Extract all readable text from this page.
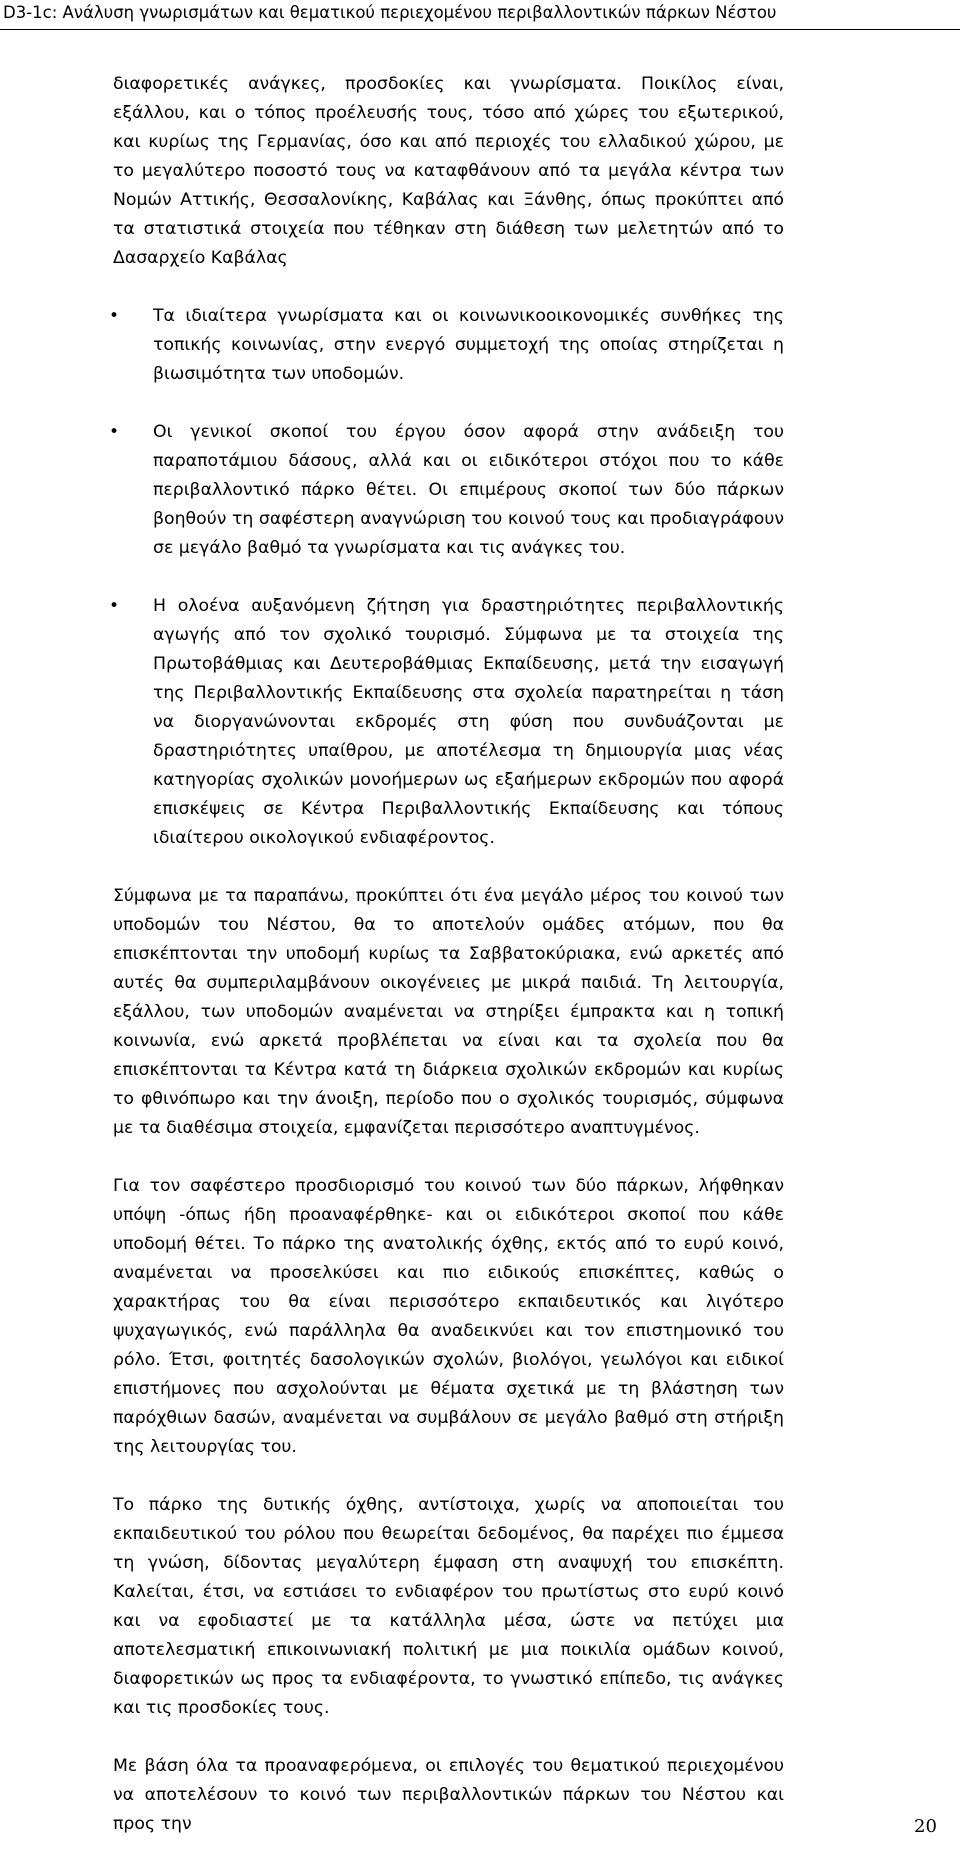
D3-1c: Ανάλυση γνωρισμάτων και θεματικού περιεχομένου περιβαλλοντικών πάρκων Νέστου
διαφορετικές ανάγκες, προσδοκίες και γνωρίσματα. Ποικίλος είναι, εξάλλου, και ο τόπος προέλευσής τους, τόσο από χώρες του εξωτερικού, και κυρίως της Γερμανίας, όσο και από περιοχές του ελλαδικού χώρου, με το μεγαλύτερο ποσοστό τους να καταφθάνουν από τα μεγάλα κέντρα των Νομών Αττικής, Θεσσαλονίκης, Καβάλας και Ξάνθης, όπως προκύπτει από τα στατιστικά στοιχεία που τέθηκαν στη διάθεση των μελετητών από το Δασαρχείο Καβάλας
• Τα ιδιαίτερα γνωρίσματα και οι κοινωνικοοικονομικές συνθήκες της τοπικής κοινωνίας, στην ενεργό συμμετοχή της οποίας στηρίζεται η βιωσιμότητα των υποδομών.
• Οι γενικοί σκοποί του έργου όσον αφορά στην ανάδειξη του παραποτάμιου δάσους, αλλά και οι ειδικότεροι στόχοι που το κάθε περιβαλλοντικό πάρκο θέτει. Οι επιμέρους σκοποί των δύο πάρκων βοηθούν τη σαφέστερη αναγνώριση του κοινού τους και προδιαγράφουν σε μεγάλο βαθμό τα γνωρίσματα και τις ανάγκες του.
• Η ολοένα αυξανόμενη ζήτηση για δραστηριότητες περιβαλλοντικής αγωγής από τον σχολικό τουρισμό. Σύμφωνα με τα στοιχεία της Πρωτοβάθμιας και Δευτεροβάθμιας Εκπαίδευσης, μετά την εισαγωγή της Περιβαλλοντικής Εκπαίδευσης στα σχολεία παρατηρείται η τάση να διοργανώνονται εκδρομές στη φύση που συνδυάζονται με δραστηριότητες υπαίθρου, με αποτέλεσμα τη δημιουργία μιας νέας κατηγορίας σχολικών μονοήμερων ως εξαήμερων εκδρομών που αφορά επισκέψεις σε Κέντρα Περιβαλλοντικής Εκπαίδευσης και τόπους ιδιαίτερου οικολογικού ενδιαφέροντος.
Σύμφωνα με τα παραπάνω, προκύπτει ότι ένα μεγάλο μέρος του κοινού των υποδομών του Νέστου, θα το αποτελούν ομάδες ατόμων, που θα επισκέπτονται την υποδομή κυρίως τα Σαββατοκύριακα, ενώ αρκετές από αυτές θα συμπεριλαμβάνουν οικογένειες με μικρά παιδιά. Τη λειτουργία, εξάλλου, των υποδομών αναμένεται να στηρίξει έμπρακτα και η τοπική κοινωνία, ενώ αρκετά προβλέπεται να είναι και τα σχολεία που θα επισκέπτονται τα Κέντρα κατά τη διάρκεια σχολικών εκδρομών και κυρίως το φθινόπωρο και την άνοιξη, περίοδο που ο σχολικός τουρισμός, σύμφωνα με τα διαθέσιμα στοιχεία, εμφανίζεται περισσότερο αναπτυγμένος.
Για τον σαφέστερο προσδιορισμό του κοινού των δύο πάρκων, λήφθηκαν υπόψη -όπως ήδη προαναφέρθηκε- και οι ειδικότεροι σκοποί που κάθε υποδομή θέτει. Το πάρκο της ανατολικής όχθης, εκτός από το ευρύ κοινό, αναμένεται να προσελκύσει και πιο ειδικούς επισκέπτες, καθώς ο χαρακτήρας του θα είναι περισσότερο εκπαιδευτικός και λιγότερο ψυχαγωγικός, ενώ παράλληλα θα αναδεικνύει και τον επιστημονικό του ρόλο. Έτσι, φοιτητές δασολογικών σχολών, βιολόγοι, γεωλόγοι και ειδικοί επιστήμονες που ασχολούνται με θέματα σχετικά με τη βλάστηση των παρόχθιων δασών, αναμένεται να συμβάλουν σε μεγάλο βαθμό στη στήριξη της λειτουργίας του.
Το πάρκο της δυτικής όχθης, αντίστοιχα, χωρίς να αποποιείται του εκπαιδευτικού του ρόλου που θεωρείται δεδομένος, θα παρέχει πιο έμμεσα τη γνώση, δίδοντας μεγαλύτερη έμφαση στη αναψυχή του επισκέπτη. Καλείται, έτσι, να εστιάσει το ενδιαφέρον του πρωτίστως στο ευρύ κοινό και να εφοδιαστεί με τα κατάλληλα μέσα, ώστε να πετύχει μια αποτελεσματική επικοινωνιακή πολιτική με μια ποικιλία ομάδων κοινού, διαφορετικών ως προς τα ενδιαφέροντα, το γνωστικό επίπεδο, τις ανάγκες και τις προσδοκίες τους.
Με βάση όλα τα προαναφερόμενα, οι επιλογές του θεματικού περιεχομένου να αποτελέσουν το κοινό των περιβαλλοντικών πάρκων του Νέστου και προς την	20
